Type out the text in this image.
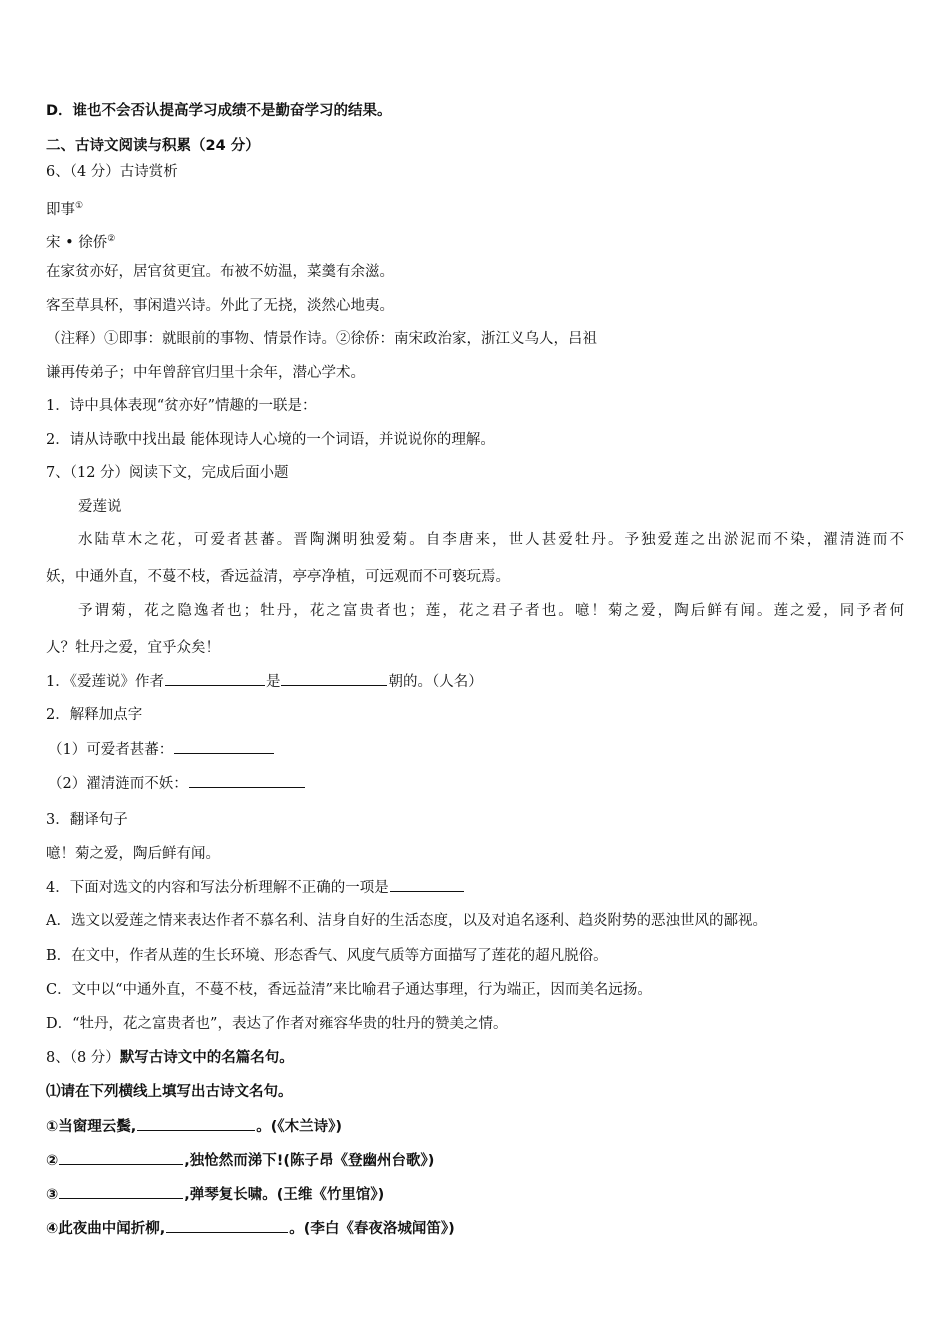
D．谁也不会否认提高学习成绩不是勤奋学习的结果。
二、古诗文阅读与积累（24 分）
6、（4 分）古诗赏析
即事①
宋 • 徐侨②
在家贫亦好，居官贫更宜。布被不妨温，菜羹有余滋。
客至草具杯，事闲遣兴诗。外此了无挠，淡然心地夷。
（注释）①即事：就眼前的事物、情景作诗。②徐侨：南宋政治家，浙江义乌人，吕祖
谦再传弟子；中年曾辞官归里十余年，潜心学术。
1．诗中具体表现“贫亦好”情趣的一联是：
2．请从诗歌中找出最 能体现诗人心境的一个词语，并说说你的理解。
7、（12 分）阅读下文，完成后面小题
爱莲说
水陆草木之花，可爱者甚蕃。晋陶渊明独爱菊。自李唐来，世人甚爱牡丹。予独爱莲之出淤泥而不染，濯清涟而不
妖，中通外直，不蔓不枝，香远益清，亭亭净植，可远观而不可亵玩焉。
予谓菊，花之隐逸者也；牡丹，花之富贵者也；莲，花之君子者也。噫！菊之爱，陶后鲜有闻。莲之爱，同予者何
人？牡丹之爱，宜乎众矣！
1．《爱莲说》作者	是	朝的。（人名）
2．解释加点字
（1）可爱者甚蕃：
（2）濯清涟而不妖：
3．翻译句子
噫！菊之爱，陶后鲜有闻。
4．下面对选文的内容和写法分析理解不正确的一项是
A．选文以爱莲之情来表达作者不慕名利、洁身自好的生活态度，以及对追名逐利、趋炎附势的恶浊世风的鄙视。
B．在文中，作者从莲的生长环境、形态香气、风度气质等方面描写了莲花的超凡脱俗。
C．文中以“中通外直，不蔓不枝，香远益清”来比喻君子通达事理，行为端正，因而美名远扬。
D．“牡丹，花之富贵者也”，表达了作者对雍容华贵的牡丹的赞美之情。
8、（8 分）默写古诗文中的名篇名句。
⑴请在下列横线上填写出古诗文名句。
①当窗理云鬓,	。(《木兰诗》)
②	,独怆然而涕下!(陈子昂《登幽州台歌》)
③	,弹琴复长啸。(王维《竹里馆》)
④此夜曲中闻折柳,	。(李白《春夜洛城闻笛》)
